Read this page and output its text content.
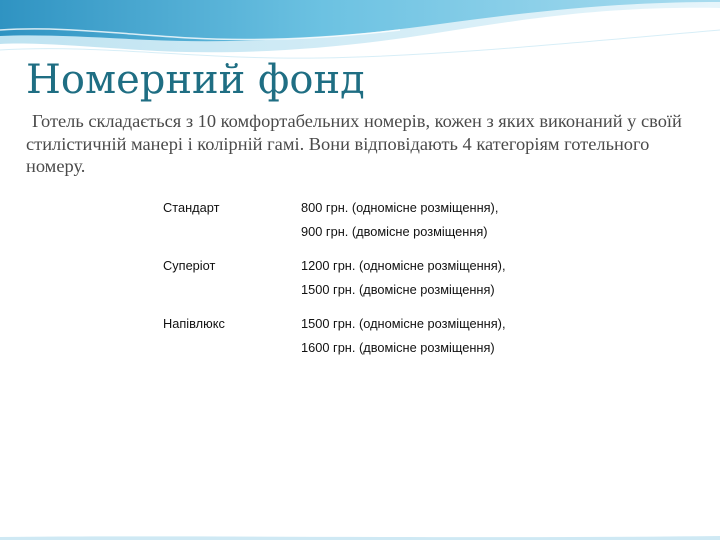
Номерний фонд

Готель складається з 10 комфортабельних номерів, кожен з яких виконаний у своїй стилістичній манері і колірній гамі. Вони відповідають 4 категоріям готельного номеру.

Стандарт	800 грн. (одномісне розміщення),
	900 грн. (двомісне розміщення)

Супеpiот	1200 грн. (одномісне розміщення),
	1500 грн. (двомісне розміщення)

Напівлюкс	1500 грн. (одномісне розміщення),
	1600 грн. (двомісне розміщення)
